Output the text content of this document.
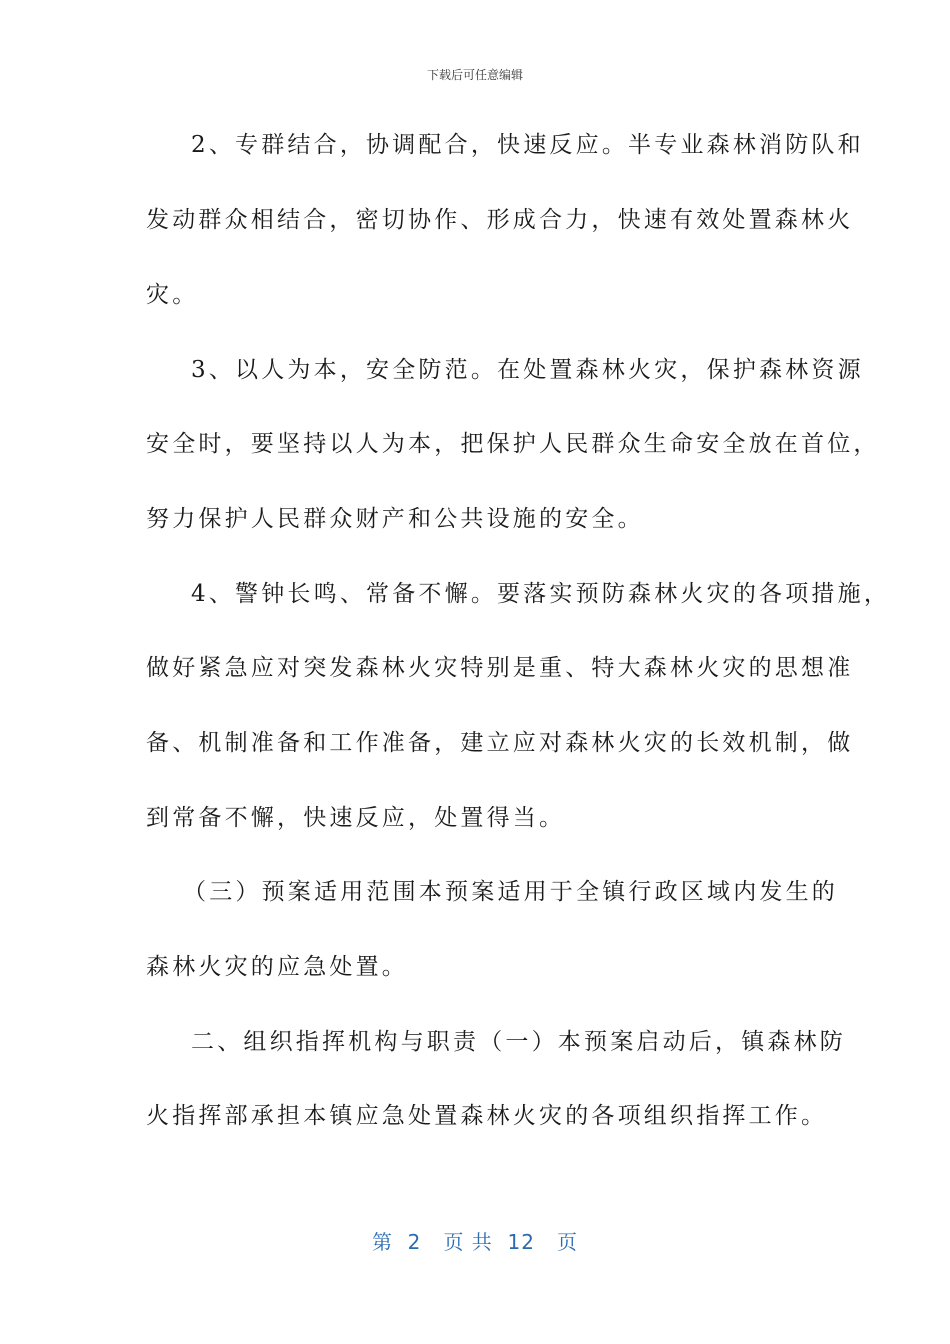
下载后可任意编辑
2、专群结合，协调配合，快速反应。半专业森林消防队和
发动群众相结合，密切协作、形成合力，快速有效处置森林火
灾。
3、以人为本，安全防范。在处置森林火灾，保护森林资源
安全时，要坚持以人为本，把保护人民群众生命安全放在首位，
努力保护人民群众财产和公共设施的安全。
4、警钟长鸣、常备不懈。要落实预防森林火灾的各项措施，
做好紧急应对突发森林火灾特别是重、特大森林火灾的思想准
备、机制准备和工作准备，建立应对森林火灾的长效机制，做
到常备不懈，快速反应，处置得当。
（三）预案适用范围本预案适用于全镇行政区域内发生的
森林火灾的应急处置。
二、组织指挥机构与职责（一）本预案启动后，镇森林防
火指挥部承担本镇应急处置森林火灾的各项组织指挥工作。
第  2   页 共  12   页
